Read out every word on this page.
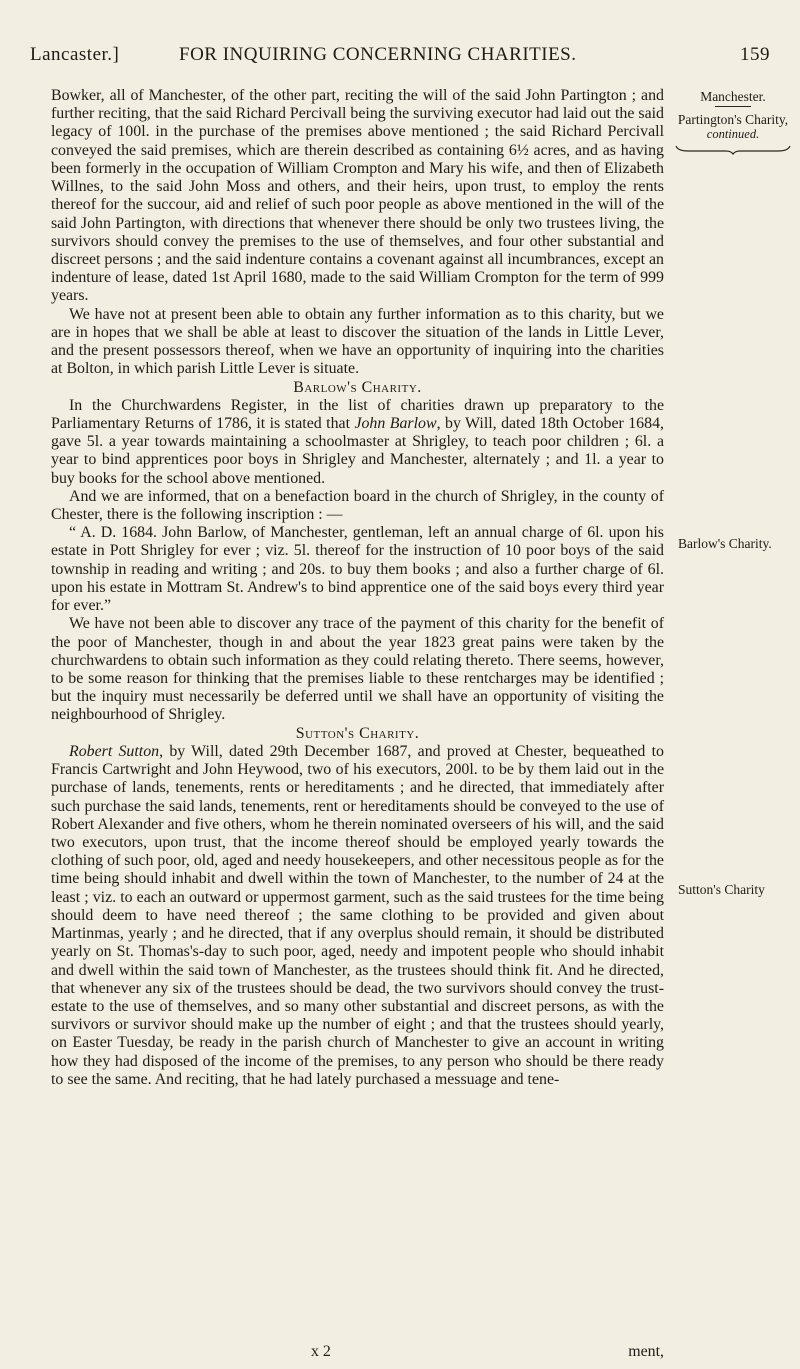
Lancaster.]	FOR INQUIRING CONCERNING CHARITIES.	159

Bowker, all of Manchester, of the other part, reciting the will of the said John Partington ; and further reciting, that the said Richard Percivall being the surviving executor had laid out the said legacy of 100l. in the purchase of the premises above mentioned ; the said Richard Percivall conveyed the said premises, which are therein described as containing 6½ acres, and as having been formerly in the occupation of William Crompton and Mary his wife, and then of Elizabeth Willnes, to the said John Moss and others, and their heirs, upon trust, to employ the rents thereof for the succour, aid and relief of such poor people as above mentioned in the will of the said John Partington, with directions that whenever there should be only two trustees living, the survivors should convey the premises to the use of themselves, and four other substantial and discreet persons ; and the said indenture contains a covenant against all incumbrances, except an indenture of lease, dated 1st April 1680, made to the said William Crompton for the term of 999 years.

We have not at present been able to obtain any further information as to this charity, but we are in hopes that we shall be able at least to discover the situation of the lands in Little Lever, and the present possessors thereof, when we have an opportunity of inquiring into the charities at Bolton, in which parish Little Lever is situate.

Barlow's Charity.

In the Churchwardens Register, in the list of charities drawn up preparatory to the Parliamentary Returns of 1786, it is stated that John Barlow, by Will, dated 18th October 1684, gave 5l. a year towards maintaining a schoolmaster at Shrigley, to teach poor children ; 6l. a year to bind apprentices poor boys in Shrigley and Manchester, alternately ; and 1l. a year to buy books for the school above mentioned.

And we are informed, that on a benefaction board in the church of Shrigley, in the county of Chester, there is the following inscription : —

“ A. D. 1684. John Barlow, of Manchester, gentleman, left an annual charge of 6l. upon his estate in Pott Shrigley for ever ; viz. 5l. thereof for the instruction of 10 poor boys of the said township in reading and writing ; and 20s. to buy them books ; and also a further charge of 6l. upon his estate in Mottram St. Andrew's to bind apprentice one of the said boys every third year for ever.”

We have not been able to discover any trace of the payment of this charity for the benefit of the poor of Manchester, though in and about the year 1823 great pains were taken by the churchwardens to obtain such information as they could relating thereto. There seems, however, to be some reason for thinking that the premises liable to these rentcharges may be identified ; but the inquiry must necessarily be deferred until we shall have an opportunity of visiting the neighbourhood of Shrigley.

Sutton's Charity.

Robert Sutton, by Will, dated 29th December 1687, and proved at Chester, bequeathed to Francis Cartwright and John Heywood, two of his executors, 200l. to be by them laid out in the purchase of lands, tenements, rents or hereditaments ; and he directed, that immediately after such purchase the said lands, tenements, rent or hereditaments should be conveyed to the use of Robert Alexander and five others, whom he therein nominated overseers of his will, and the said two executors, upon trust, that the income thereof should be employed yearly towards the clothing of such poor, old, aged and needy housekeepers, and other necessitous people as for the time being should inhabit and dwell within the town of Manchester, to the number of 24 at the least ; viz. to each an outward or uppermost garment, such as the said trustees for the time being should deem to have need thereof ; the same clothing to be provided and given about Martinmas, yearly ; and he directed, that if any overplus should remain, it should be distributed yearly on St. Thomas's-day to such poor, aged, needy and impotent people who should inhabit and dwell within the said town of Manchester, as the trustees should think fit. And he directed, that whenever any six of the trustees should be dead, the two survivors should convey the trust-estate to the use of themselves, and so many other substantial and discreet persons, as with the survivors or survivor should make up the number of eight ; and that the trustees should yearly, on Easter Tuesday, be ready in the parish church of Manchester to give an account in writing how they had disposed of the income of the premises, to any person who should be there ready to see the same. And reciting, that he had lately purchased a messuage and tene-

Manchester.
Partington's Charity,
continued.
Barlow's Charity.
Sutton's Charity
x 2	ment,
